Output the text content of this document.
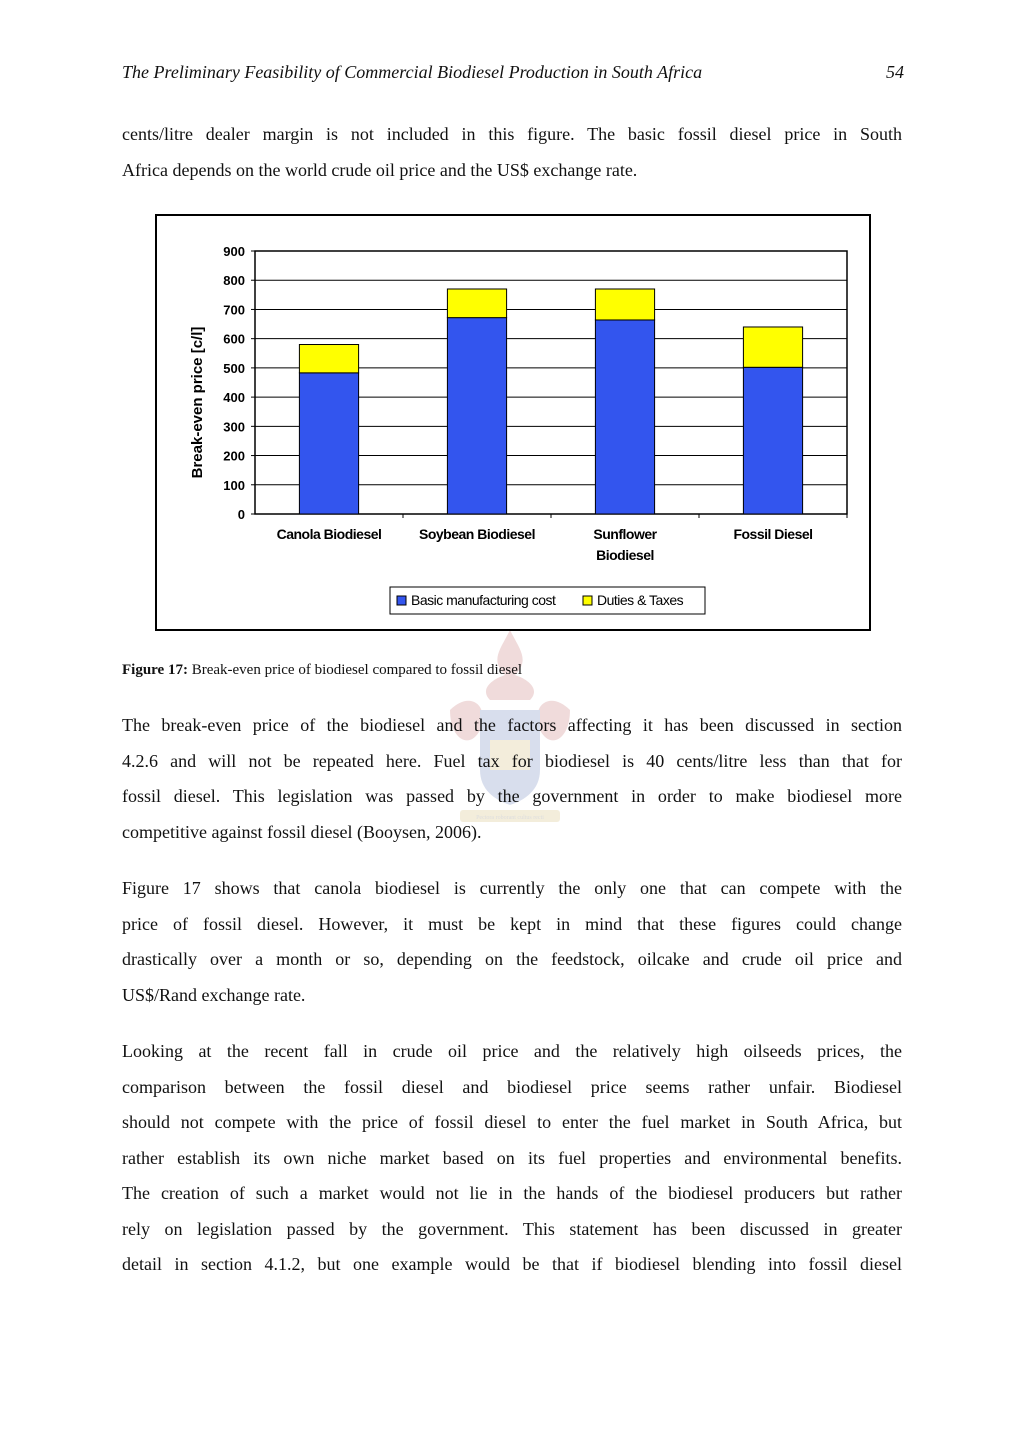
The Preliminary Feasibility of Commercial Biodiesel Production in South Africa	54

cents/litre dealer margin is not included in this figure. The basic fossil diesel price in South
Africa depends on the world crude oil price and the US$ exchange rate.

Pectora roborant cultus recti
0
100
200
300
400
500
600
700
800
900
Break-even price [c/l]
Canola Biodiesel	Soybean Biodiesel	Sunflower
Biodiesel
Fossil Diesel
Basic manufacturing cost	Duties & Taxes
Figure 17: Break-even price of biodiesel compared to fossil diesel
The break-even price of the biodiesel and the factors affecting it has been discussed in section
4.2.6 and will not be repeated here. Fuel tax for biodiesel is 40 cents/litre less than that for
fossil diesel. This legislation was passed by the government in order to make biodiesel more
competitive against fossil diesel (Booysen, 2006).
Figure 17 shows that canola biodiesel is currently the only one that can compete with the
price of fossil diesel. However, it must be kept in mind that these figures could change
drastically over a month or so, depending on the feedstock, oilcake and crude oil price and
US$/Rand exchange rate.
Looking at the recent fall in crude oil price and the relatively high oilseeds prices, the
comparison between the fossil diesel and biodiesel price seems rather unfair. Biodiesel
should not compete with the price of fossil diesel to enter the fuel market in South Africa, but
rather establish its own niche market based on its fuel properties and environmental benefits.
The creation of such a market would not lie in the hands of the biodiesel producers but rather
rely on legislation passed by the government. This statement has been discussed in greater
detail in section 4.1.2, but one example would be that if biodiesel blending into fossil diesel
